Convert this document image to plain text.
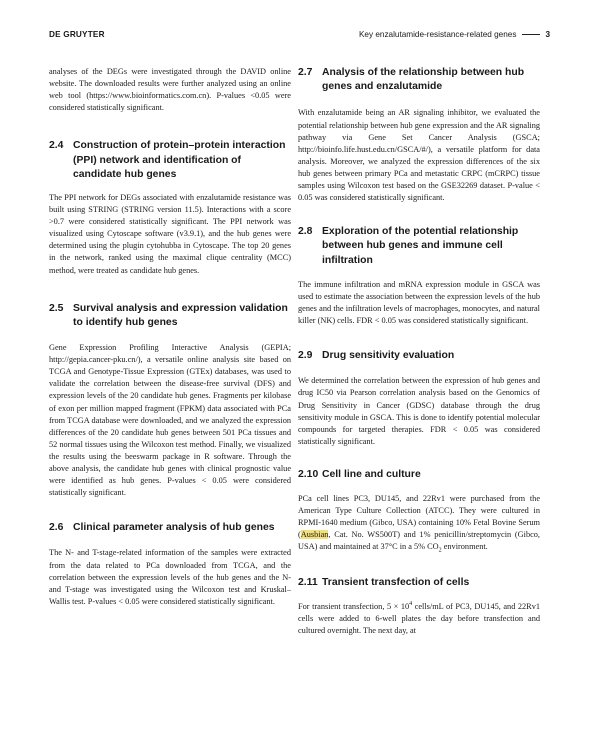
DE GRUYTER	Key enzalutamide-resistance-related genes	3

analyses of the DEGs were investigated through the DAVID online website. The downloaded results were further analyzed using an online web tool (https://www.bioinformatics.com.cn). P-values <0.05 were considered statistically significant.

2.4 Construction of protein–protein interaction (PPI) network and identification of candidate hub genes

The PPI network for DEGs associated with enzalutamide resistance was built using STRING (STRING version 11.5). Interactions with a score >0.7 were considered statistically significant. The PPI network was visualized using Cytoscape software (v3.9.1), and the hub genes were determined using the plugin cytohubba in Cytoscape. The top 20 genes in the network, ranked using the maximal clique centrality (MCC) method, were treated as candidate hub genes.

2.5 Survival analysis and expression validation to identify hub genes

Gene Expression Profiling Interactive Analysis (GEPIA; http://gepia.cancer-pku.cn/), a versatile online analysis site based on TCGA and Genotype-Tissue Expression (GTEx) databases, was used to validate the correlation between the disease-free survival (DFS) and expression levels of the 20 candidate hub genes. Fragments per kilobase of exon per million mapped fragment (FPKM) data associated with PCa from TCGA database were downloaded, and we analyzed the expression differences of the 20 candidate hub genes between 501 PCa tissues and 52 normal tissues using the Wilcoxon test method. Finally, we visualized the results using the beeswarm package in R software. Through the above analysis, the candidate hub genes with clinical prognostic value were identified as hub genes. P-values < 0.05 were considered statistically significant.

2.6 Clinical parameter analysis of hub genes

The N- and T-stage-related information of the samples were extracted from the data related to PCa downloaded from TCGA, and the correlation between the expression levels of the hub genes and the N- and T-stage was investigated using the Wilcoxon test and Kruskal–Wallis test. P-values < 0.05 were considered statistically significant.

2.7 Analysis of the relationship between hub genes and enzalutamide

With enzalutamide being an AR signaling inhibitor, we evaluated the potential relationship between hub gene expression and the AR signaling pathway via Gene Set Cancer Analysis (GSCA; http://bioinfo.life.hust.edu.cn/GSCA/#/), a versatile platform for data analysis. Moreover, we analyzed the expression differences of the six hub genes between primary PCa and metastatic CRPC (mCRPC) tissue samples using Wilcoxon test based on the GSE32269 dataset. P-value < 0.05 was considered statistically significant.

2.8 Exploration of the potential relationship between hub genes and immune cell infiltration

The immune infiltration and mRNA expression module in GSCA was used to estimate the association between the expression levels of the hub genes and the infiltration levels of macrophages, monocytes, and natural killer (NK) cells. FDR < 0.05 was considered statistically significant.

2.9 Drug sensitivity evaluation

We determined the correlation between the expression of hub genes and drug IC50 via Pearson correlation analysis based on the Genomics of Drug Sensitivity in Cancer (GDSC) database through the drug sensitivity module in GSCA. This is done to identify potential molecular compounds for targeted therapies. FDR < 0.05 was considered statistically significant.

2.10 Cell line and culture

PCa cell lines PC3, DU145, and 22Rv1 were purchased from the American Type Culture Collection (ATCC). They were cultured in RPMI-1640 medium (Gibco, USA) containing 10% Fetal Bovine Serum (Ausbian, Cat. No. WS500T) and 1% penicillin/streptomycin (Gibco, USA) and maintained at 37°C in a 5% $CO_2$ environment.

2.11 Transient transfection of cells

For transient transfection, $5 \times 10^4$ cells/mL of PC3, DU145, and 22Rv1 cells were added to 6-well plates the day before transfection and cultured overnight. The next day, at
